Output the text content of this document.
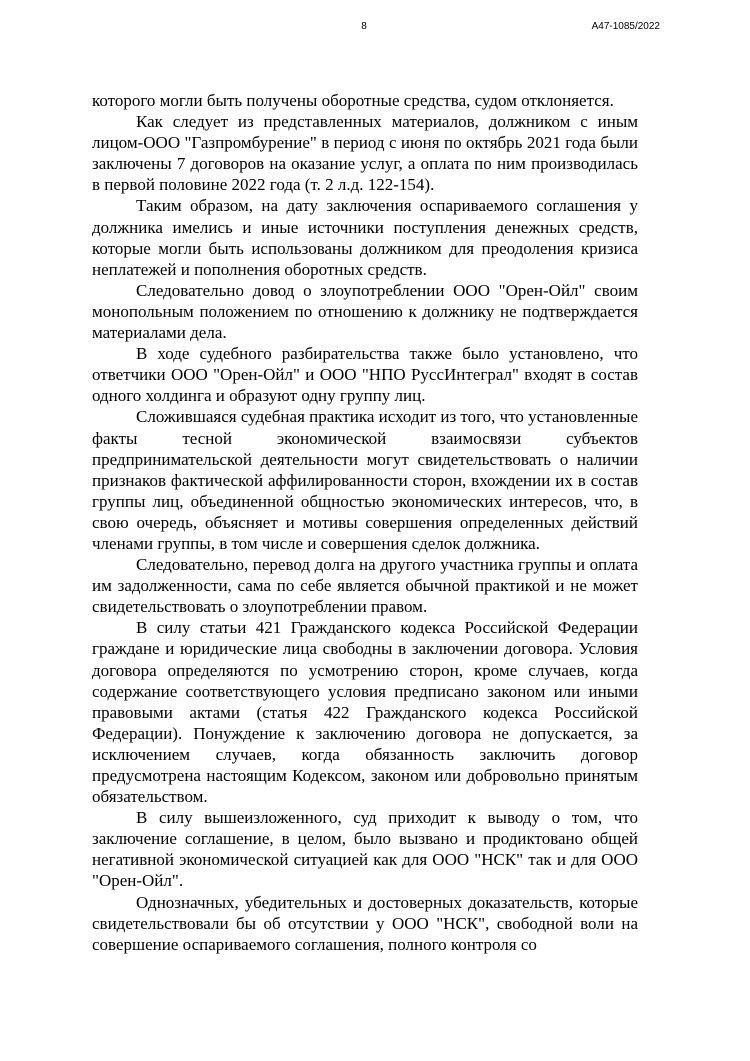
8	А47-1085/2022

которого могли быть получены оборотные средства, судом отклоняется.

Как следует из представленных материалов, должником с иным лицом-ООО "Газпромбурение" в период с июня по октябрь 2021 года были заключены 7 договоров на оказание услуг, а оплата по ним производилась в первой половине 2022 года (т. 2 л.д. 122-154).

Таким образом, на дату заключения оспариваемого соглашения у должника имелись и иные источники поступления денежных средств, которые могли быть использованы должником для преодоления кризиса неплатежей и пополнения оборотных средств.

Следовательно довод о злоупотреблении ООО "Орен-Ойл" своим монопольным положением по отношению к должнику не подтверждается материалами дела.

В ходе судебного разбирательства также было установлено, что ответчики ООО "Орен-Ойл" и ООО "НПО РуссИнтеграл" входят в состав одного холдинга и образуют одну группу лиц.

Сложившаяся судебная практика исходит из того, что установленные факты тесной экономической взаимосвязи субъектов предпринимательской деятельности могут свидетельствовать о наличии признаков фактической аффилированности сторон, вхождении их в состав группы лиц, объединенной общностью экономических интересов, что, в свою очередь, объясняет и мотивы совершения определенных действий членами группы, в том числе и совершения сделок должника.

Следовательно, перевод долга на другого участника группы и оплата им задолженности, сама по себе является обычной практикой и не может свидетельствовать о злоупотреблении правом.

В силу статьи 421 Гражданского кодекса Российской Федерации граждане и юридические лица свободны в заключении договора. Условия договора определяются по усмотрению сторон, кроме случаев, когда содержание соответствующего условия предписано законом или иными правовыми актами (статья 422 Гражданского кодекса Российской Федерации). Понуждение к заключению договора не допускается, за исключением случаев, когда обязанность заключить договор предусмотрена настоящим Кодексом, законом или добровольно принятым обязательством.

В силу вышеизложенного, суд приходит к выводу о том, что заключение соглашение, в целом, было вызвано и продиктовано общей негативной экономической ситуацией как для ООО "НСК" так и для ООО "Орен-Ойл".

Однозначных, убедительных и достоверных доказательств, которые свидетельствовали бы об отсутствии у ООО "НСК", свободной воли на совершение оспариваемого соглашения, полного контроля со
